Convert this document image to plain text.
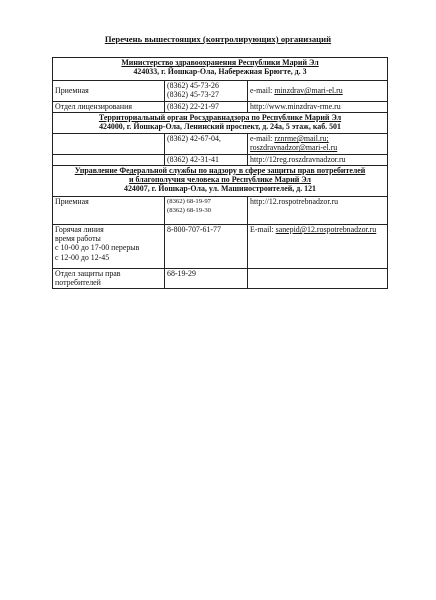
Перечень вышестоящих (контролирующих) организаций
Министерство здравоохранения Республики Марий Эл
424033, г. Йошкар-Ола, Набережная Брюгте, д. 3		

Приемная	(8362) 45-73-26
(8362) 45-73-27	e-mail: minzdrav@mari-el.ru
Отдел лицензирования	(8362) 22-21-97	http://www.minzdrav-rme.ru

Территориальный орган Росздравнадзора по Республике Марий Эл
424000, г. Йошкар-Ола, Ленинский проспект, д. 24а, 5 этаж, каб. 501		

	(8362) 42-67-04,	e-mail: rznrme@mail.ru;
roszdravnadzor@mari-el.ru

	(8362) 42-31-41	http://12reg.roszdravnadzor.ru

Управление Федеральной службы по надзору в сфере защиты прав потребителей
и благополучия человека по Республике Марий Эл
424007, г. Йошкар-Ола, ул. Машиностроителей, д. 121		

Приемная	(8362) 68-19-97
(8362) 68-19-30	http://12.rospotrebnadzor.ru

Горячая линия
время работы
с 10-00 до 17-00 перерыв
с 12-00 до 12-45	8-800-707-61-77	E-mail: sanepid@12.rospotrebnadzor.ru

Отдел защиты прав
потребителей	68-19-29	
